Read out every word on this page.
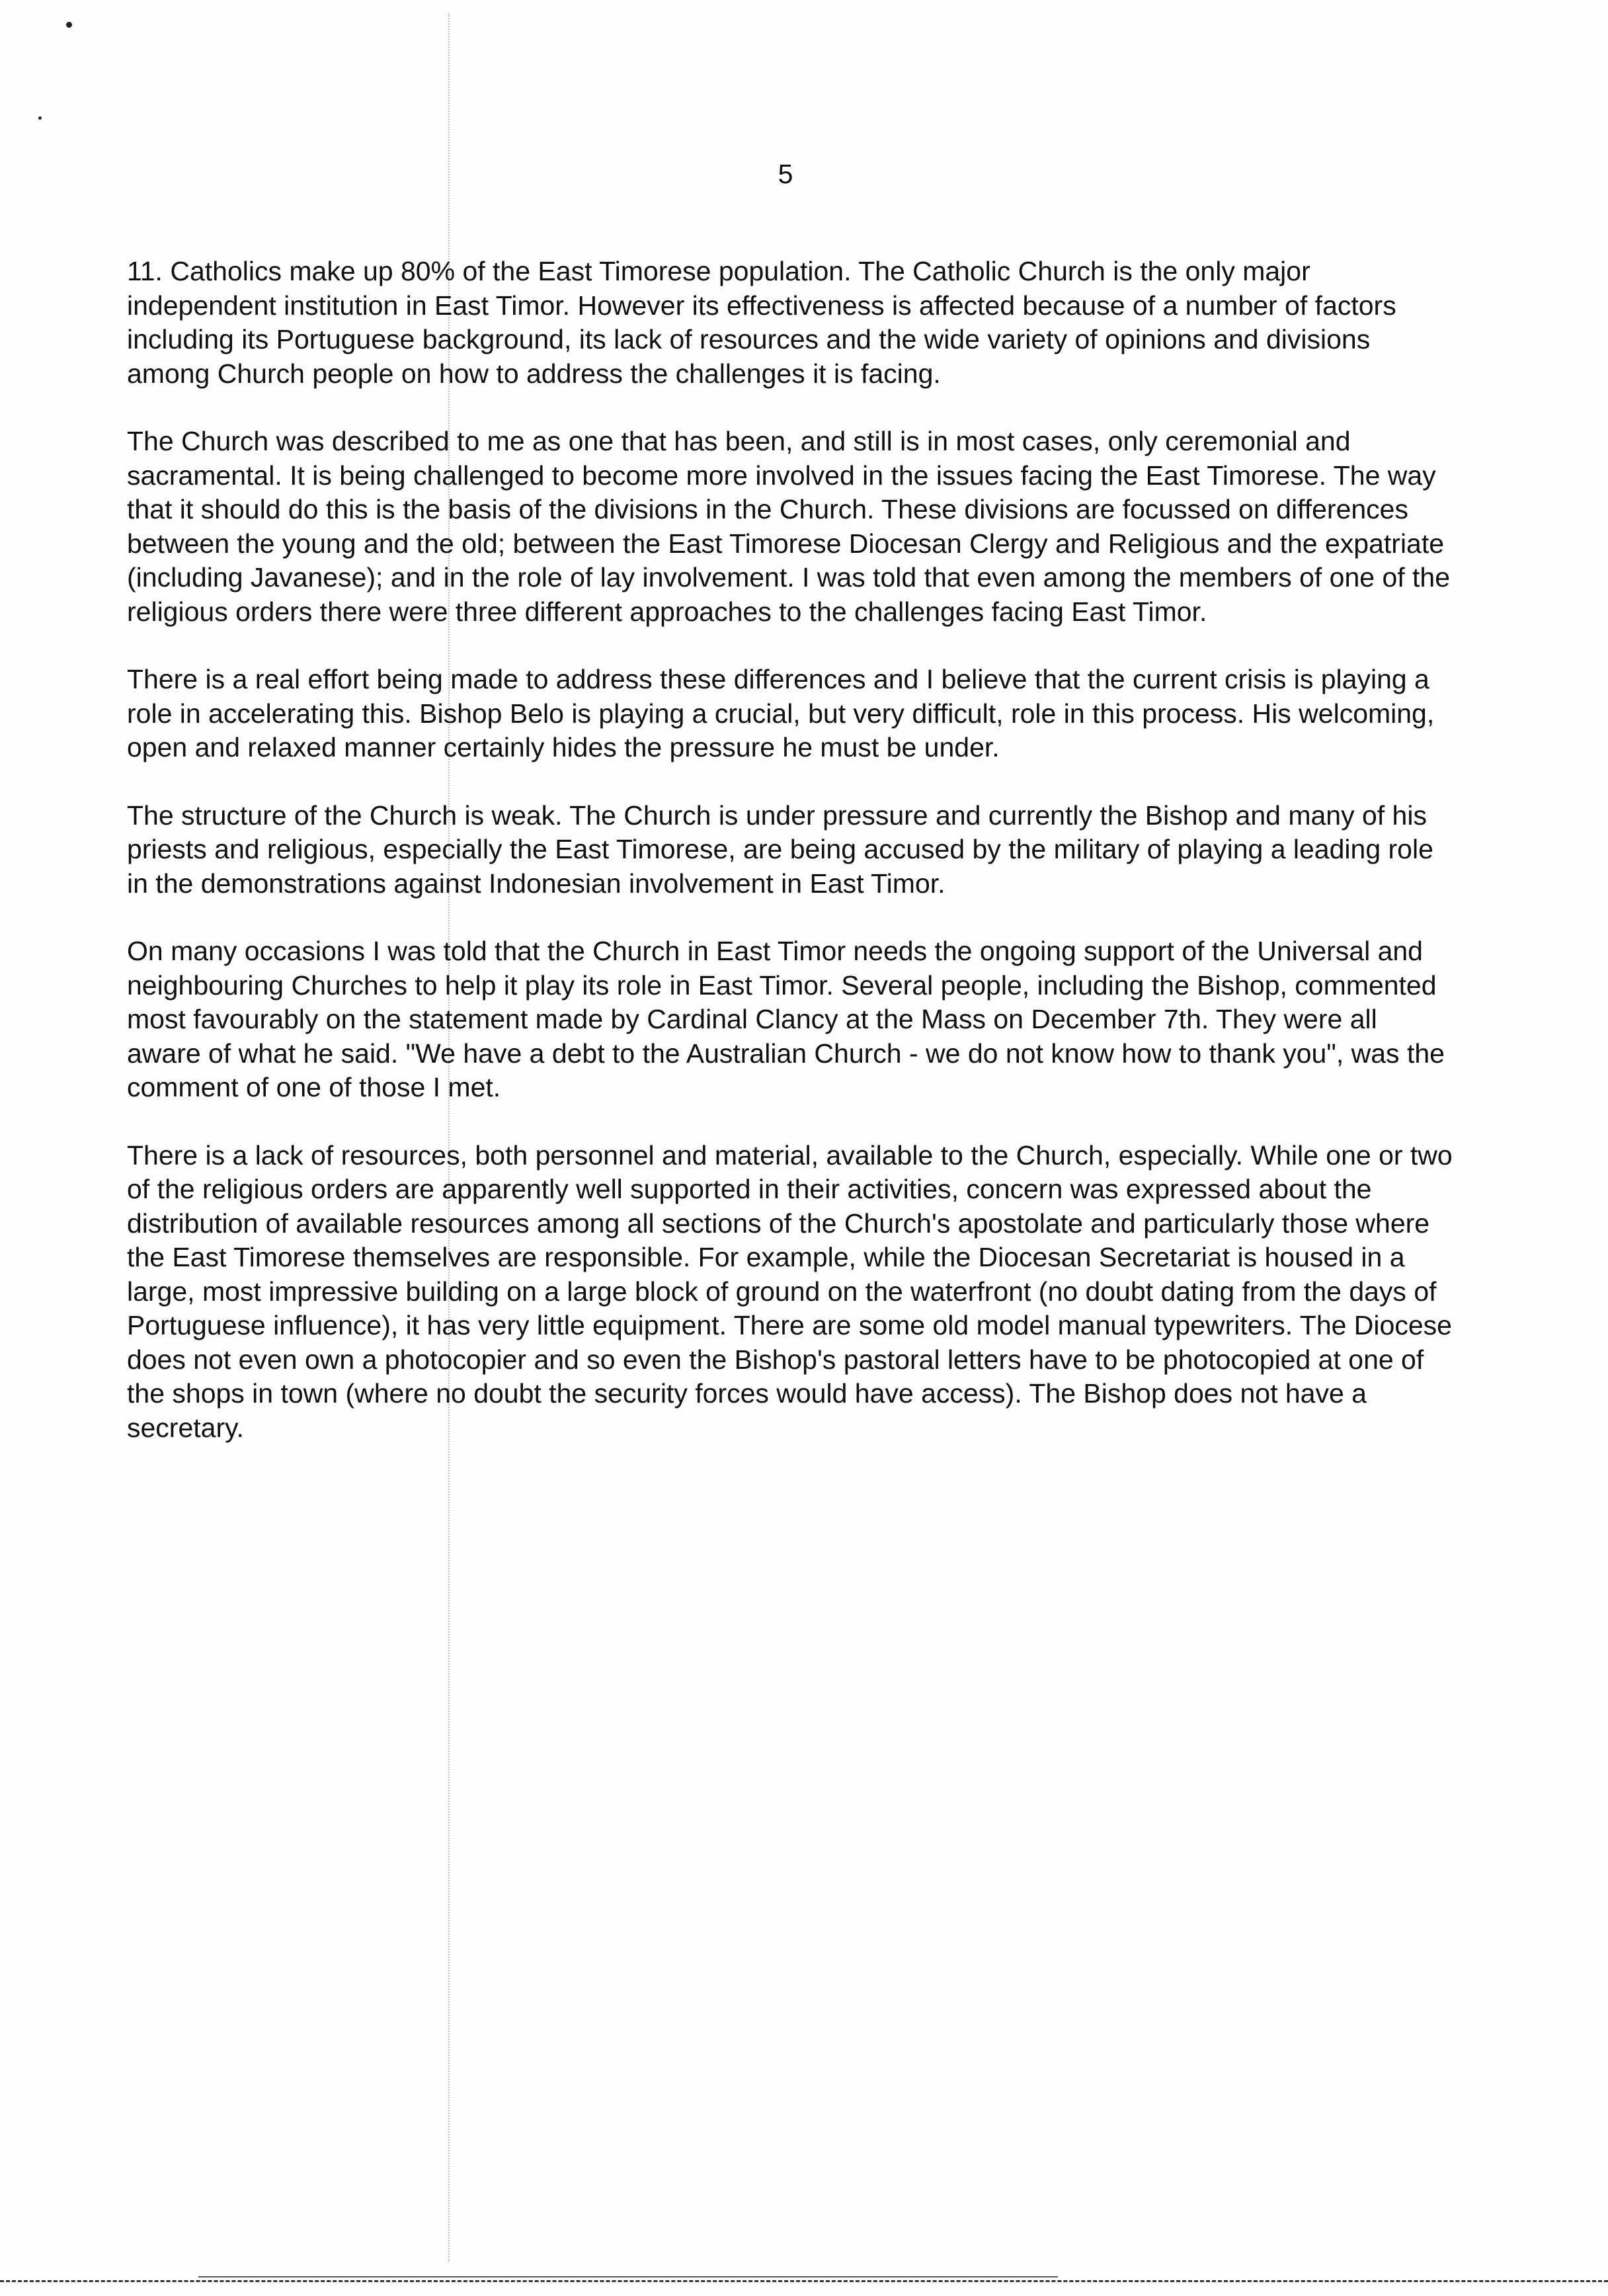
5

11. Catholics make up 80% of the East Timorese population. The Catholic Church is the only major independent institution in East Timor. However its effectiveness is affected because of a number of factors including its Portuguese background, its lack of resources and the wide variety of opinions and divisions among Church people on how to address the challenges it is facing.

The Church was described to me as one that has been, and still is in most cases, only ceremonial and sacramental. It is being challenged to become more involved in the issues facing the East Timorese. The way that it should do this is the basis of the divisions in the Church. These divisions are focussed on differences between the young and the old; between the East Timorese Diocesan Clergy and Religious and the expatriate (including Javanese); and in the role of lay involvement. I was told that even among the members of one of the religious orders there were three different approaches to the challenges facing East Timor.

There is a real effort being made to address these differences and I believe that the current crisis is playing a role in accelerating this. Bishop Belo is playing a crucial, but very difficult, role in this process. His welcoming, open and relaxed manner certainly hides the pressure he must be under.

The structure of the Church is weak. The Church is under pressure and currently the Bishop and many of his priests and religious, especially the East Timorese, are being accused by the military of playing a leading role in the demonstrations against Indonesian involvement in East Timor.

On many occasions I was told that the Church in East Timor needs the ongoing support of the Universal and neighbouring Churches to help it play its role in East Timor. Several people, including the Bishop, commented most favourably on the statement made by Cardinal Clancy at the Mass on December 7th. They were all aware of what he said. "We have a debt to the Australian Church - we do not know how to thank you", was the comment of one of those I met.

There is a lack of resources, both personnel and material, available to the Church, especially. While one or two of the religious orders are apparently well supported in their activities, concern was expressed about the distribution of available resources among all sections of the Church's apostolate and particularly those where the East Timorese themselves are responsible. For example, while the Diocesan Secretariat is housed in a large, most impressive building on a large block of ground on the waterfront (no doubt dating from the days of Portuguese influence), it has very little equipment. There are some old model manual typewriters. The Diocese does not even own a photocopier and so even the Bishop's pastoral letters have to be photocopied at one of the shops in town (where no doubt the security forces would have access). The Bishop does not have a secretary.
